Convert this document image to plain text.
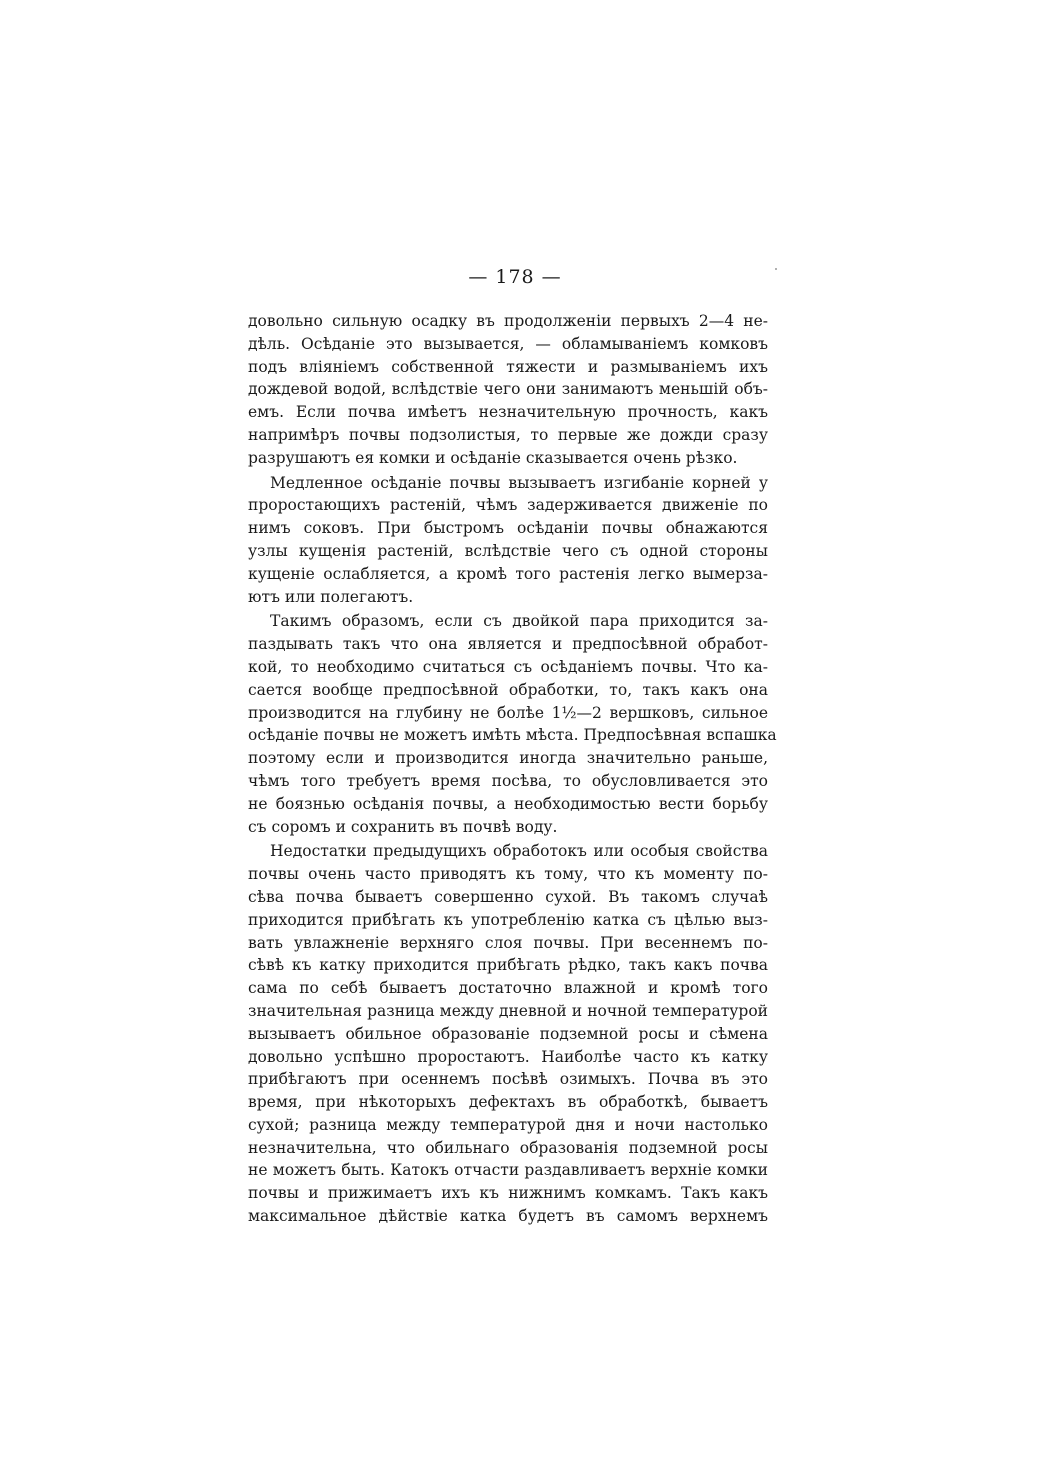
— 178 —
довольно сильную осадку въ продолженіи первыхъ 2—4 не-
дѣль. Осѣданіе это вызывается, — обламываніемъ комковъ
подъ вліяніемъ собственной тяжести и размываніемъ ихъ
дождевой водой, вслѣдствіе чего они занимаютъ меньшій объ-
емъ. Если почва имѣетъ незначительную прочность, какъ
напримѣръ почвы подзолистыя, то первые же дожди сразу
разрушаютъ ея комки и осѣданіе сказывается очень рѣзко.
Медленное осѣданіе почвы вызываетъ изгибаніе корней у
проростающихъ растеній, чѣмъ задерживается движеніе по
нимъ соковъ. При быстромъ осѣданіи почвы обнажаются
узлы кущенія растеній, вслѣдствіе чего съ одной стороны
кущеніе ослабляется, а кромѣ того растенія легко вымерза-
ютъ или полегаютъ.
Такимъ образомъ, если съ двойкой пара приходится за-
паздывать такъ что она является и предпосѣвной обработ-
кой, то необходимо считаться съ осѣданіемъ почвы. Что ка-
сается вообще предпосѣвной обработки, то, такъ какъ она
производится на глубину не болѣе 1½—2 вершковъ, сильное
осѣданіе почвы не можетъ имѣть мѣста. Предпосѣвная вспашка
поэтому если и производится иногда значительно раньше,
чѣмъ того требуетъ время посѣва, то обусловливается это
не боязнью осѣданія почвы, а необходимостью вести борьбу
съ соромъ и сохранить въ почвѣ воду.
Недостатки предыдущихъ обработокъ или особыя свойства
почвы очень часто приводятъ къ тому, что къ моменту по-
сѣва почва бываетъ совершенно сухой. Въ такомъ случаѣ
приходится прибѣгать къ употребленію катка съ цѣлью выз-
вать увлажненіе верхняго слоя почвы. При весеннемъ по-
сѣвѣ къ катку приходится прибѣгать рѣдко, такъ какъ почва
сама по себѣ бываетъ достаточно влажной и кромѣ того
значительная разница между дневной и ночной температурой
вызываетъ обильное образованіе подземной росы и сѣмена
довольно успѣшно проростаютъ. Наиболѣе часто къ катку
прибѣгаютъ при осеннемъ посѣвѣ озимыхъ. Почва въ это
время, при нѣкоторыхъ дефектахъ въ обработкѣ, бываетъ
сухой; разница между температурой дня и ночи настолько
незначительна, что обильнаго образованія подземной росы
не можетъ быть. Катокъ отчасти раздавливаетъ верхніе комки
почвы и прижимаетъ ихъ къ нижнимъ комкамъ. Такъ какъ
максимальное дѣйствіе катка будетъ въ самомъ верхнемъ
